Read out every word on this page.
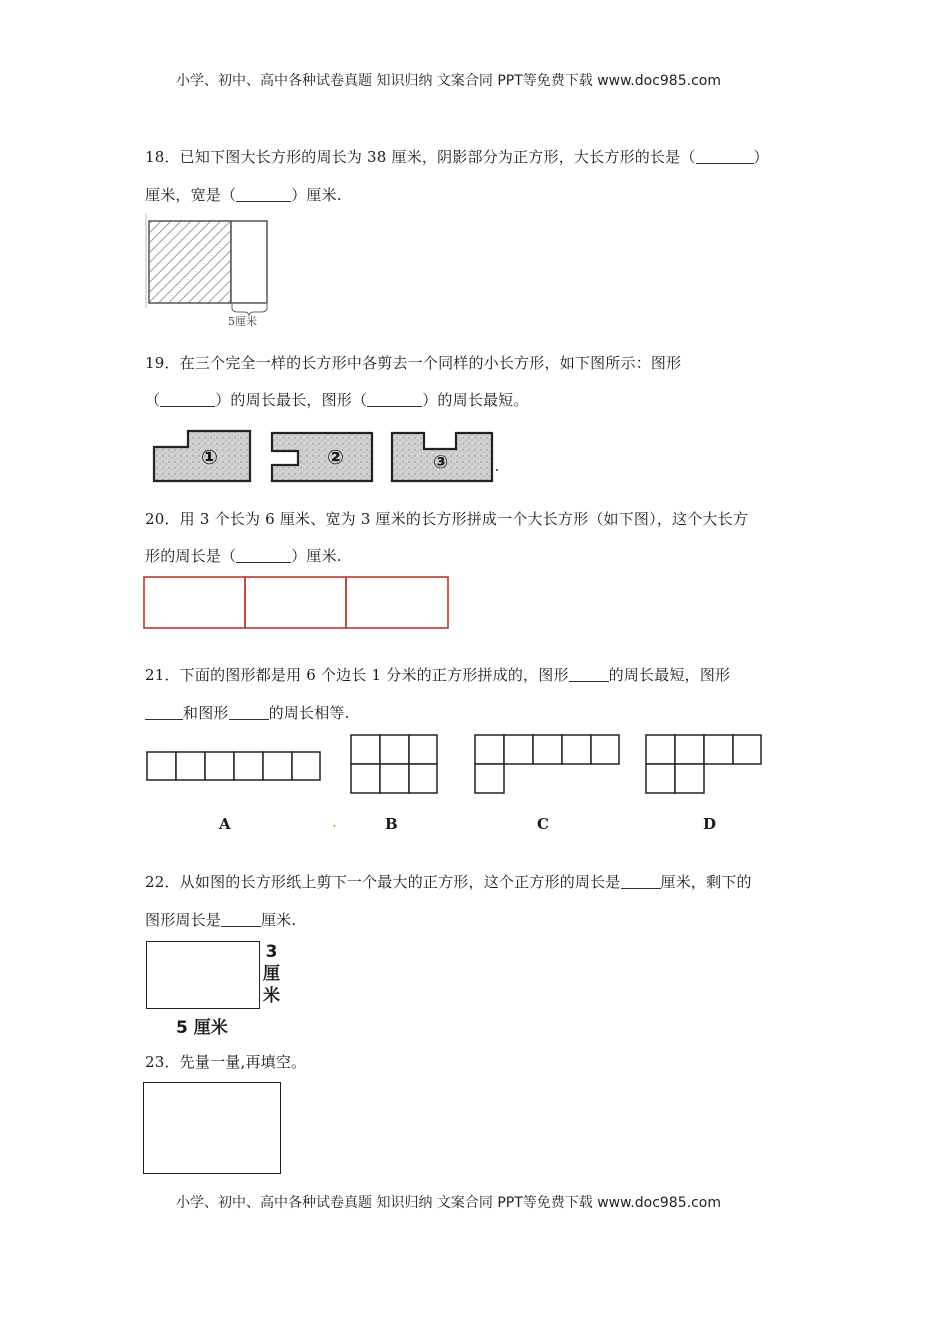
小学、初中、高中各种试卷真题 知识归纳 文案合同 PPT等免费下载 www.doc985.com
18．已知下图大长方形的周长为 38 厘米，阴影部分为正方形，大长方形的长是（	）
厘米，宽是（	）厘米.
5厘米
19．在三个完全一样的长方形中各剪去一个同样的小长方形，如下图所示：图形
（	）的周长最长，图形（	）的周长最短。
①	②	③
20．用 3 个长为 6 厘米、宽为 3 厘米的长方形拼成一个大长方形（如下图），这个大长方
形的周长是（	）厘米.
21．下面的图形都是用 6 个边长 1 分米的正方形拼成的，图形	的周长最短，图形
和图形	的周长相等.
A	.	B	C	D
22．从如图的长方形纸上剪下一个最大的正方形，这个正方形的周长是	厘米，剩下的
图形周长是	厘米.
3
厘
米
5 厘米
23．先量一量,再填空。
小学、初中、高中各种试卷真题 知识归纳 文案合同 PPT等免费下载 www.doc985.com
